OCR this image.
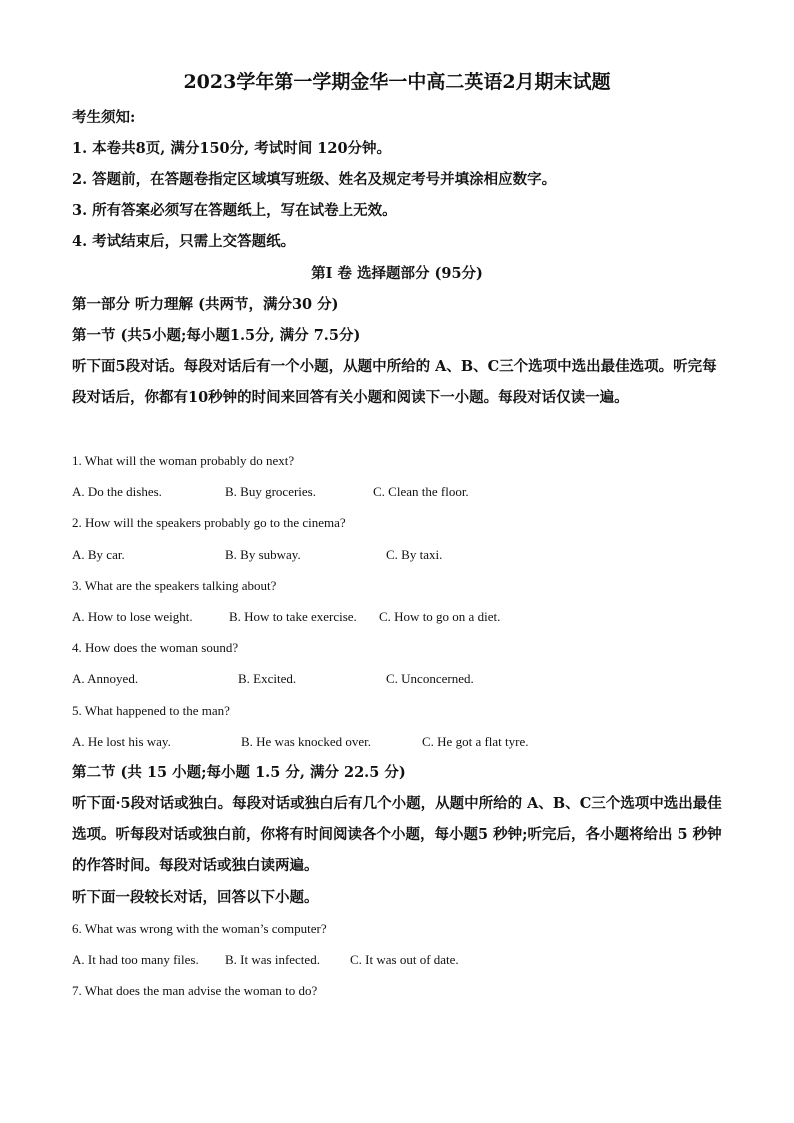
2023学年第一学期金华一中高二英语2月期末试题
考生须知:
1. 本卷共8页, 满分150分, 考试时间 120分钟。
2. 答题前，在答题卷指定区域填写班级、姓名及规定考号并填涂相应数字。
3. 所有答案必须写在答题纸上，写在试卷上无效。
4. 考试结束后，只需上交答题纸。
第Ⅰ 卷 选择题部分 (95分)
第一部分 听力理解 (共两节，满分30 分)
第一节 (共5小题;每小题1.5分, 满分 7.5分)
听下面5段对话。每段对话后有一个小题，从题中所给的 A、B、C三个选项中选出最佳选项。听完每段对话后，你都有10秒钟的时间来回答有关小题和阅读下一小题。每段对话仅读一遍。
1. What will the woman probably do next?
A. Do the dishes.	B. Buy groceries.	C. Clean the floor.
2. How will the speakers probably go to the cinema?
A. By car.	B. By subway.	C. By taxi.
3. What are the speakers talking about?
A. How to lose weight.	B. How to take exercise. C. How to go on a diet.
4. How does the woman sound?
A. Annoyed.	B. Excited.	C. Unconcerned.
5. What happened to the man?
A. He lost his way.	B. He was knocked over.	C. He got a flat tyre.
第二节 (共 15 小题;每小题 1.5 分, 满分 22.5 分)
听下面·5段对话或独白。每段对话或独白后有几个小题，从题中所给的 A、B、C三个选项中选出最佳选项。听每段对话或独白前，你将有时间阅读各个小题，每小题5 秒钟;听完后，各小题将给出 5 秒钟的作答时间。每段对话或独白读两遍。
听下面一段较长对话，回答以下小题。
6. What was wrong with the woman’s computer?
A. It had too many files. B. It was infected. C. It was out of date.
7. What does the man advise the woman to do?
